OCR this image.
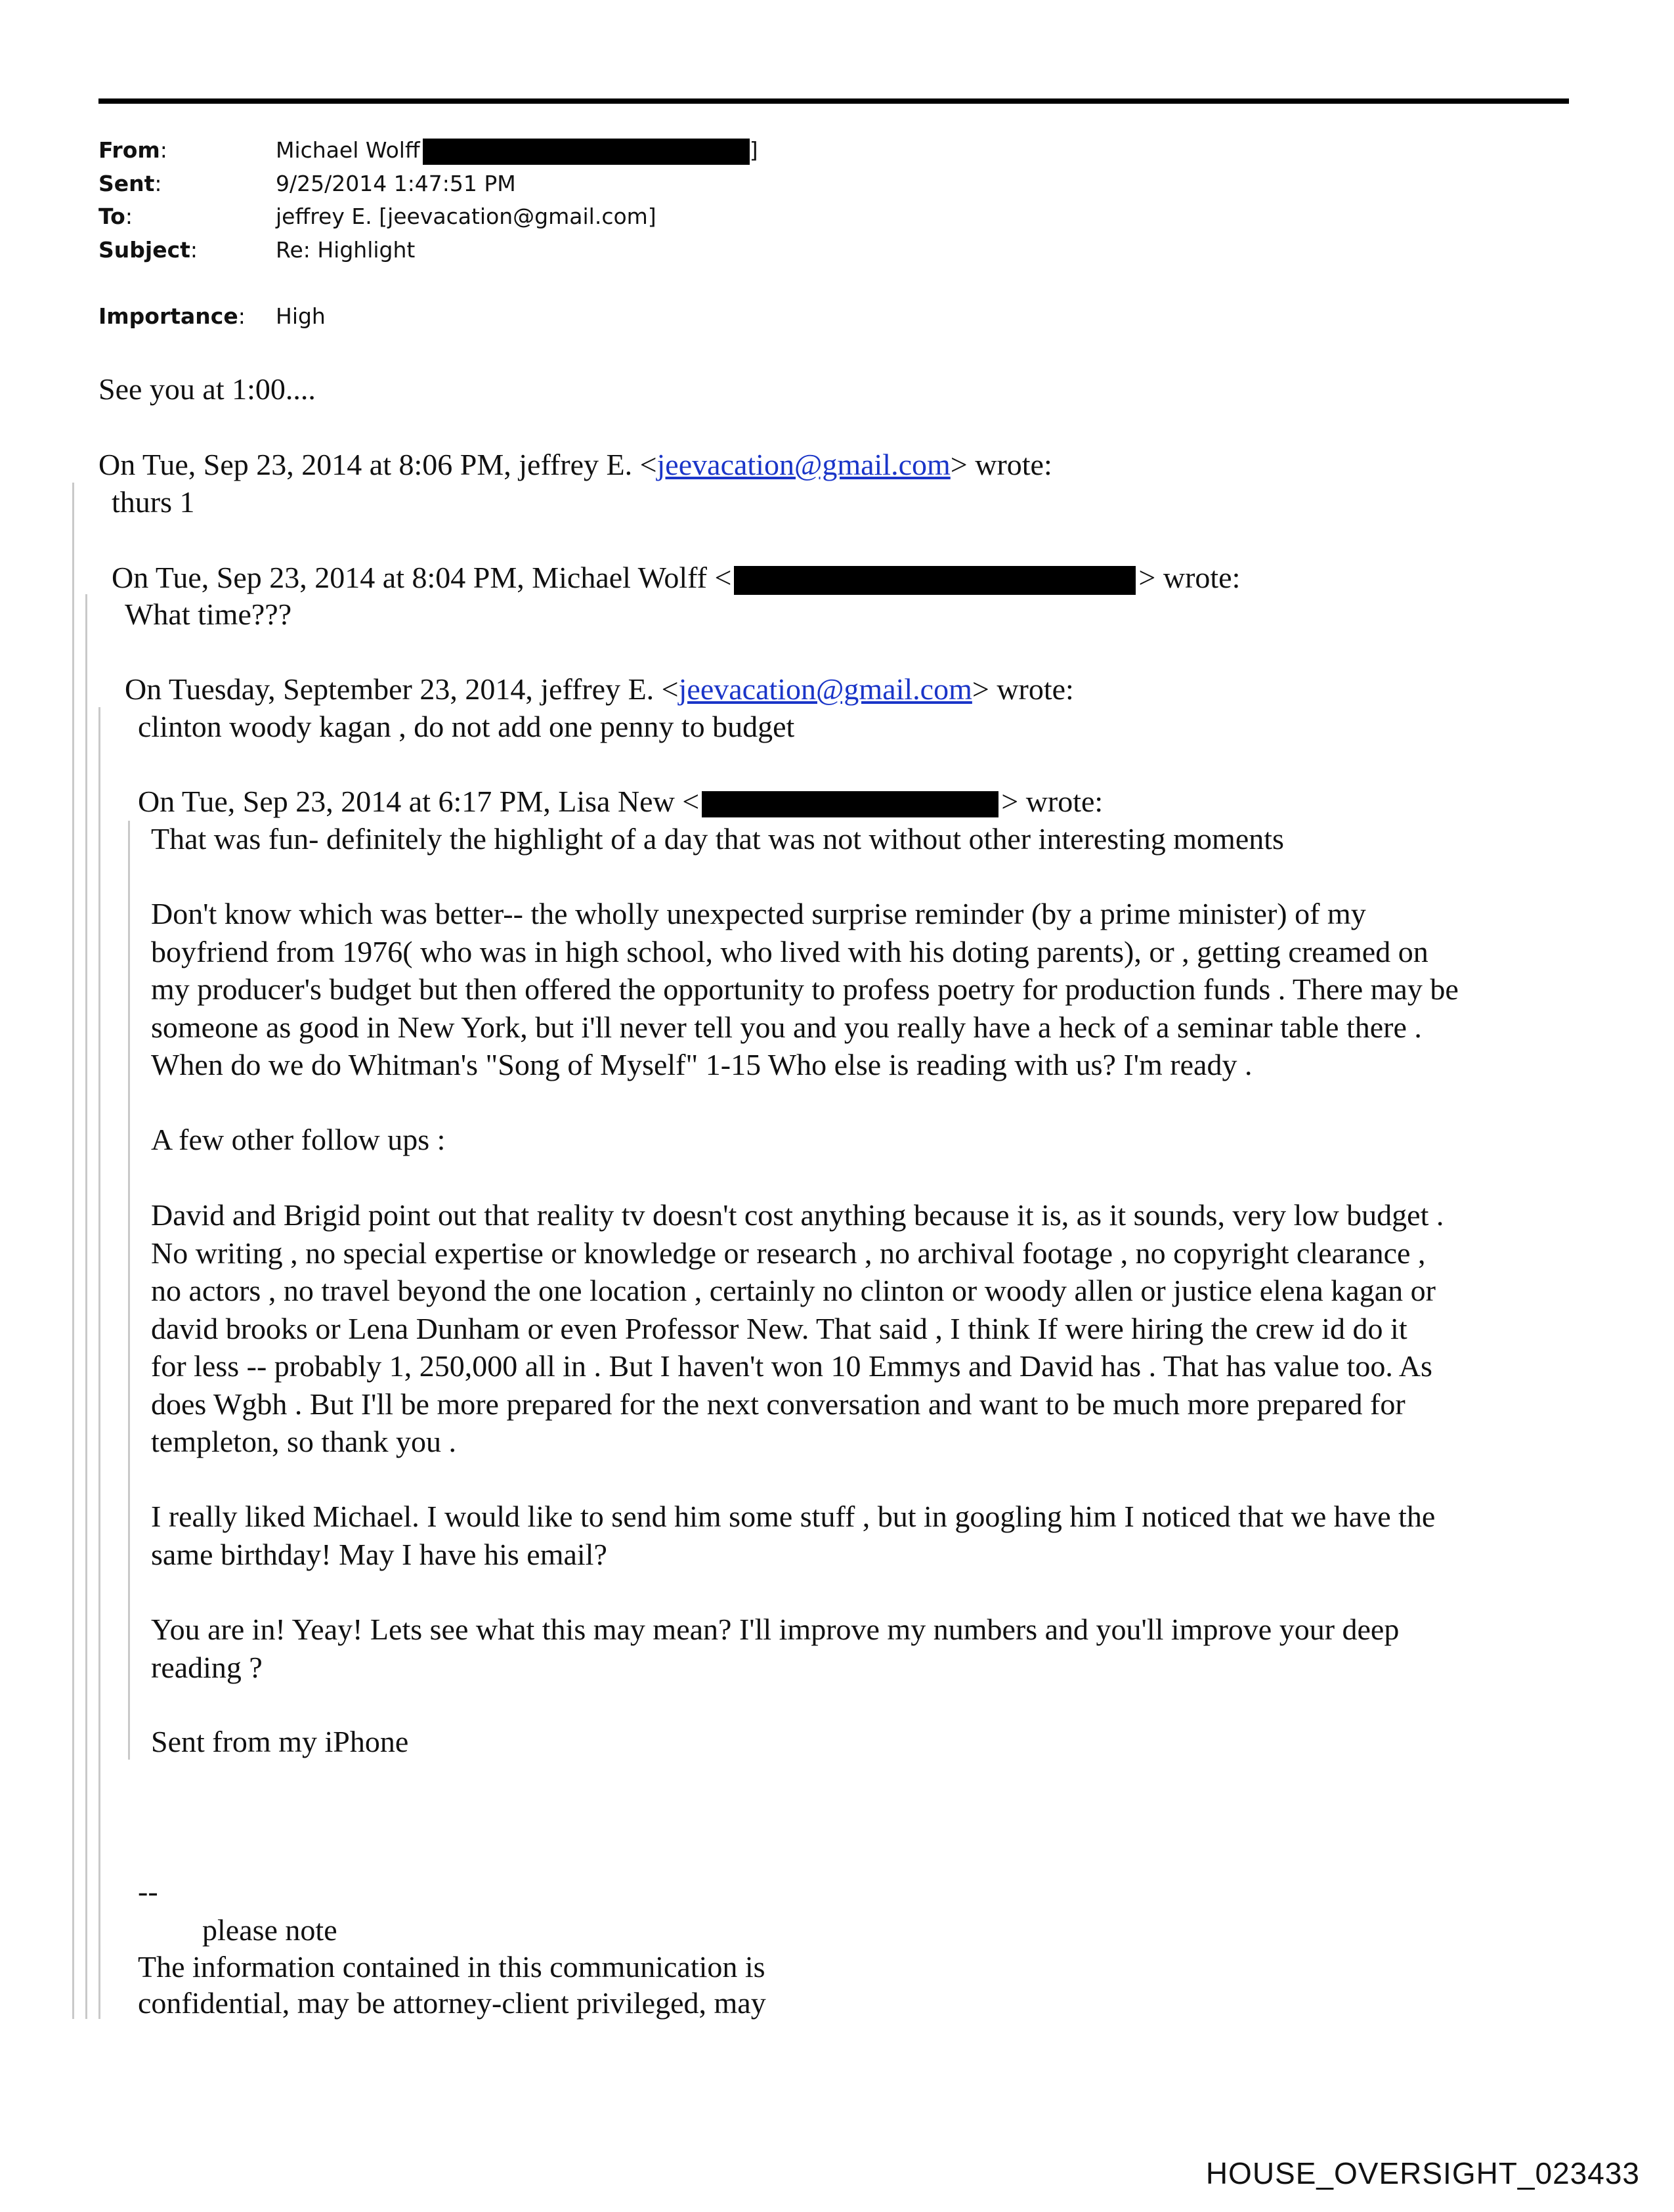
From:	Michael Wolff	]
Sent:	9/25/2014 1:47:51 PM
To:	jeffrey E. [jeevacation@gmail.com]
Subject:	Re: Highlight
Importance: High
See you at 1:00....
On Tue, Sep 23, 2014 at 8:06 PM, jeffrey E. <jeevacation@gmail.com> wrote:
thurs 1
On Tue, Sep 23, 2014 at 8:04 PM, Michael Wolff <	> wrote:
What time???
On Tuesday, September 23, 2014, jeffrey E. <jeevacation@gmail.com> wrote:
clinton woody kagan , do not add one penny to budget
On Tue, Sep 23, 2014 at 6:17 PM, Lisa New <	> wrote:
That was fun- definitely the highlight of a day that was not without other interesting moments
Don't know which was better-- the wholly unexpected surprise reminder (by a prime minister) of my
boyfriend from 1976( who was in high school, who lived with his doting parents), or , getting creamed on
my producer's budget but then offered the opportunity to profess poetry for production funds . There may be
someone as good in New York, but i'll never tell you and you really have a heck of a seminar table there .
When do we do Whitman's "Song of Myself" 1-15 Who else is reading with us? I'm ready .
A few other follow ups :
David and Brigid point out that reality tv doesn't cost anything because it is, as it sounds, very low budget .
No writing , no special expertise or knowledge or research , no archival footage , no copyright clearance ,
no actors , no travel beyond the one location , certainly no clinton or woody allen or justice elena kagan or
david brooks or Lena Dunham or even Professor New. That said , I think If were hiring the crew id do it
for less -- probably 1, 250,000 all in . But I haven't won 10 Emmys and David has . That has value too. As
does Wgbh . But I'll be more prepared for the next conversation and want to be much more prepared for
templeton, so thank you .
I really liked Michael. I would like to send him some stuff , but in googling him I noticed that we have the
same birthday! May I have his email?
You are in! Yeay! Lets see what this may mean? I'll improve my numbers and you'll improve your deep
reading ?
Sent from my iPhone
--
please note
The information contained in this communication is
confidential, may be attorney-client privileged, may
HOUSE_OVERSIGHT_023433
